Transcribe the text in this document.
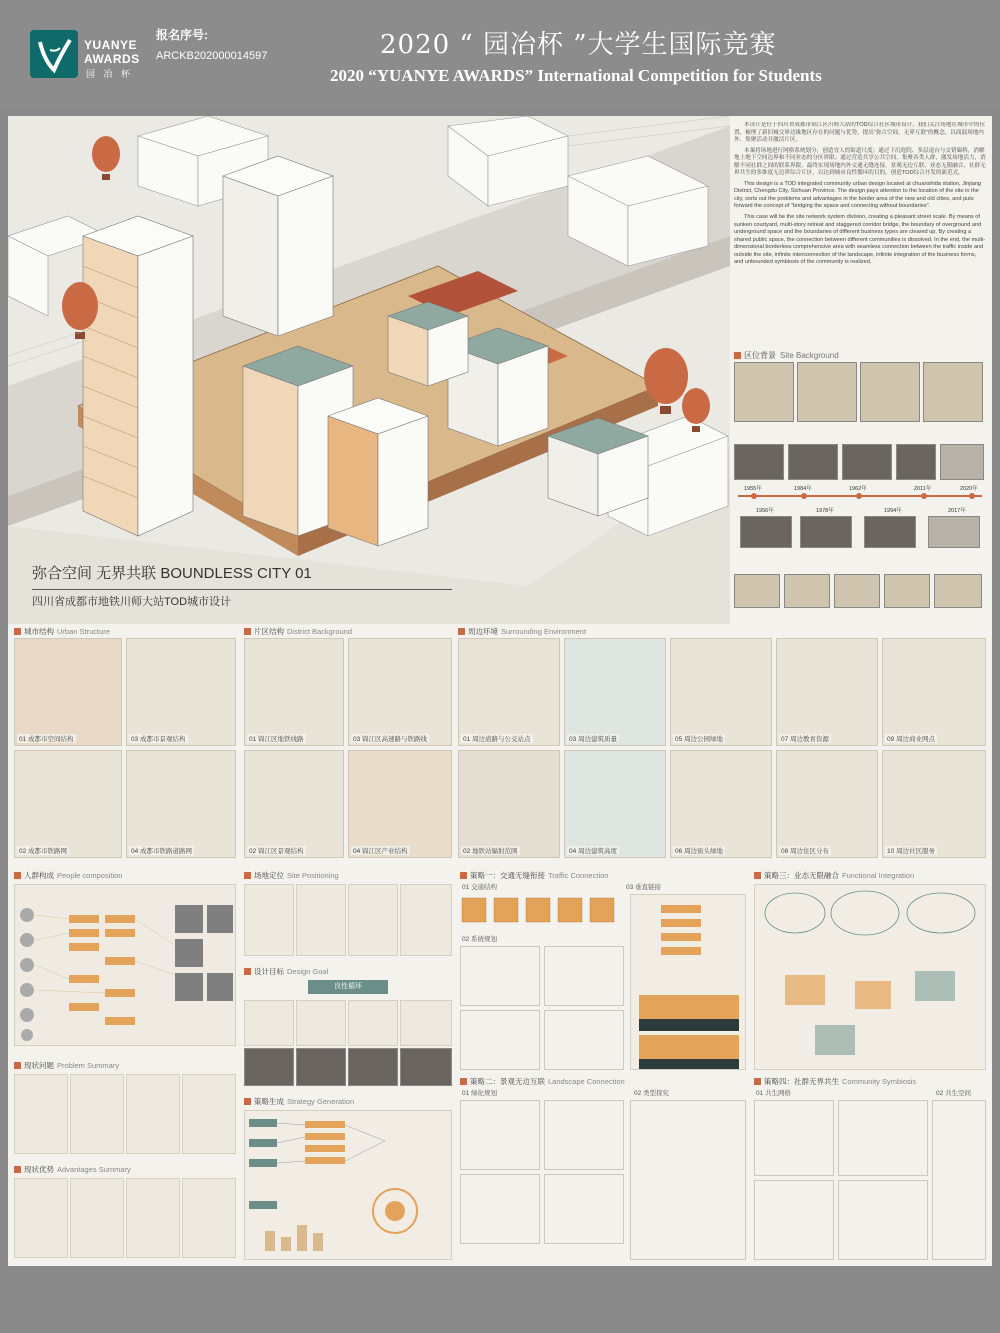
YUANYE
AWARDS
园 冶 杯
报名序号:
ARCKB202000014597	2020 “ 园冶杯 ”大学生国际竞赛
2020 “YUANYE AWARDS” International Competition for Students
弥合空间 无界共联 BOUNDLESS CITY 01
四川省成都市地铁川师大站TOD城市设计

本设计是位于四川省成都市锦江区川师大站的TOD综合社区城市设计。我们关注场地在城市中的位置，梳理了新旧城交界边缘地区存在的问题与优势，提出“弥合空间，无界互联”的概念，以商混场地内外、集聚活动并激活片区。

本案将场地进行网格系统划分，创造宜人的街道尺度；通过下沉庭院、多层退台与交错廊桥，消解地上地下空间边界和不同业态的分区界限；通过营造共享公共空间，集聚各类人群，激发场地活力，消解不同社群之间的联系界限。最终实现场地内外交通无缝连接、景观无边互联、业态无限融合、社群无界共生的多维度无边界综合片区，以达到城市良性循环的目的，创造TOD综合开发的新范式。

This design is a TOD integrated community urban design located at chuanshida station, Jinjiang District, Chengdu City, Sichuan Province. The design pays attention to the location of the site in the city, sorts out the problems and advantages in the border area of the new and old cities, and puts forward the concept of "bridging the space and connecting without boundaries".

This case will be the site network system division, creating a pleasant street scale. By means of sunken courtyard, multi-story retreat and staggered corridor bridge, the boundary of overground and underground space and the boundaries of different business types are cleared up. By creating a shared public space, the connection between different communities is dissolved. In the end, the multi-dimensional borderless comprehensive area with seamless connection between the traffic inside and outside the site, infinite interconnection of the landscape, infinite integration of the business forms, and unbounded symbiosis of the community is realized.

区位背景 Site Background
1955年	1984年	1962年	2011年	2020年
1956年	1978年	1994年	2017年
城市结构 Urban Structure
01 成都市空间结构	03 成都市景观结构
02 成都市铁路网	04 成都市铁路道路网
片区结构 District Background
01 锦江区地铁线路	03 锦江区高速路与铁路线
02 锦江区景观结构	04 锦江区产业结构
周边环境 Surrounding Environment
01 周边道路与公交站点	03 周边建筑质量	05 周边公园绿地	07 周边教育资源	09 周边商业网点
02 地铁站辐射范围	04 周边建筑高度	06 周边街头绿地	08 周边住区分布	10 周边社区服务
人群构成 People composition
现状问题 Problem Summary
现状优势 Advantages Summary
场地定位 Site Positioning
设计目标 Design Goal
良性循环
策略生成 Strategy Generation
策略一：交通无缝衔接 Traffic Connection
01 交通结构	03 垂直链接
02 系统规划
策略二：景观无边互联 Landscape Connection
01 绿化规划	02 类型探究
策略三：业态无限融合 Functional Integration
策略四：社群无界共生 Community Symbiosis
01 共生网格	02 共生空间
